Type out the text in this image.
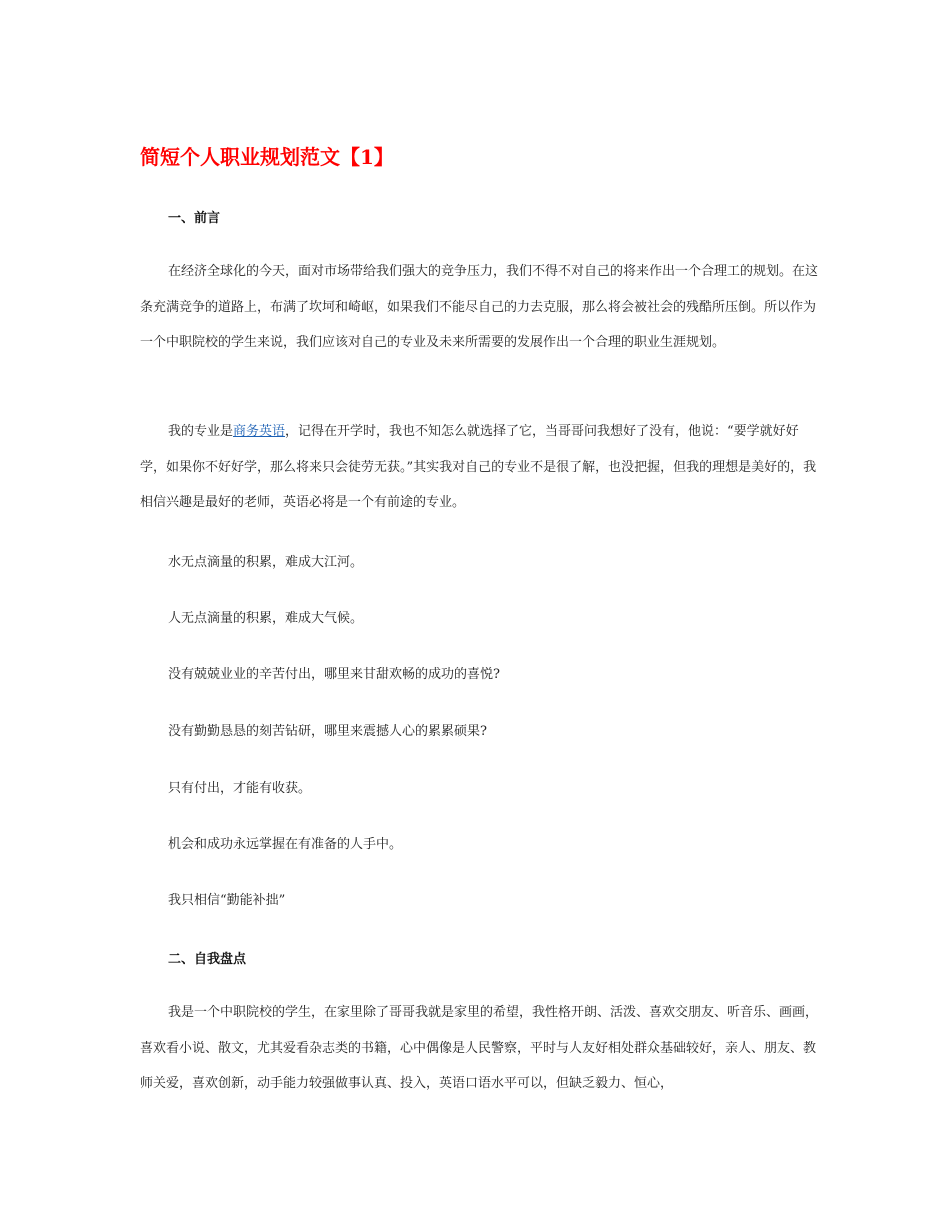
简短个人职业规划范文【1】
一、前言

在经济全球化的今天，面对市场带给我们强大的竞争压力，我们不得不对自己的将来作出一个合理工的规划。在这条充满竞争的道路上，布满了坎坷和崎岖，如果我们不能尽自己的力去克服，那么将会被社会的残酷所压倒。所以作为一个中职院校的学生来说，我们应该对自己的专业及未来所需要的发展作出一个合理的职业生涯规划。

我的专业是商务英语，记得在开学时，我也不知怎么就选择了它，当哥哥问我想好了没有，他说：“要学就好好学，如果你不好好学，那么将来只会徒劳无获。”其实我对自己的专业不是很了解，也没把握，但我的理想是美好的，我相信兴趣是最好的老师，英语必将是一个有前途的专业。

水无点滴量的积累，难成大江河。

人无点滴量的积累，难成大气候。

没有兢兢业业的辛苦付出，哪里来甘甜欢畅的成功的喜悦?

没有勤勤恳恳的刻苦钻研，哪里来震撼人心的累累硕果?

只有付出，才能有收获。

机会和成功永远掌握在有准备的人手中。

我只相信“勤能补拙”

二、自我盘点

我是一个中职院校的学生，在家里除了哥哥我就是家里的希望，我性格开朗、活泼、喜欢交朋友、听音乐、画画，喜欢看小说、散文，尤其爱看杂志类的书籍，心中偶像是人民警察，平时与人友好相处群众基础较好，亲人、朋友、教师关爱，喜欢创新，动手能力较强做事认真、投入，英语口语水平可以，但缺乏毅力、恒心，
